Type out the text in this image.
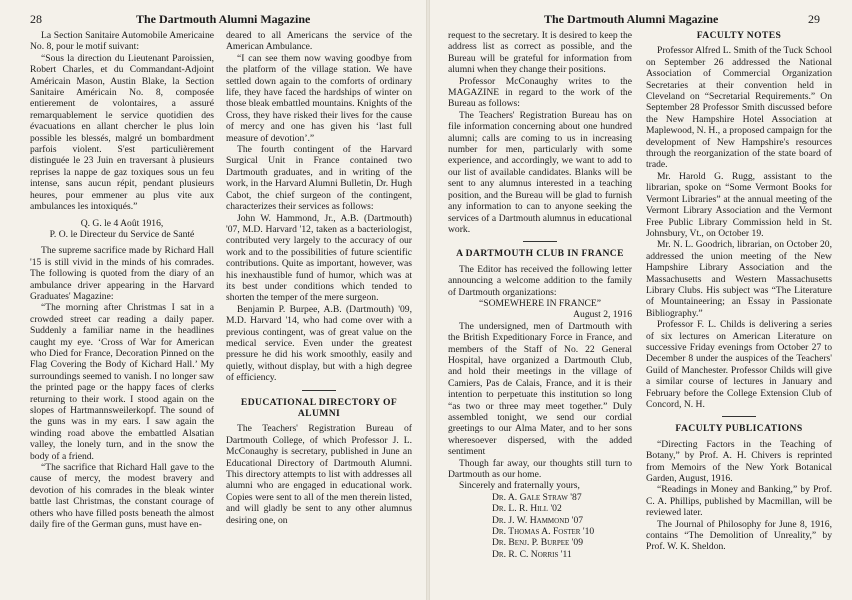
28	The Dartmouth Alumni Magazine

La Section Sanitaire Automobile Americaine No. 8, pour le motif suivant:

“Sous la direction du Lieutenant Paroissien, Robert Charles, et du Commandant-Adjoint Américain Mason, Austin Blake, la Section Sanitaire Américain No. 8, composée entierement de volontaires, a assuré remarquablement le service quotidien des évacuations en allant chercher le plus loin possible les blessés, malgré un bombardment parfois violent. S'est particulièrement distinguée le 23 Juin en traversant à plusieurs reprises la nappe de gaz toxiques sous un feu intense, sans aucun répit, pendant plusieurs heures, pour emmener au plus vite aux ambulances les intoxiqués.”

Q. G. le 4 Août 1916,

P. O. le Directeur du Service de Santé

The supreme sacrifice made by Richard Hall '15 is still vivid in the minds of his comrades. The following is quoted from the diary of an ambulance driver appearing in the Harvard Graduates' Magazine:

“The morning after Christmas I sat in a crowded street car reading a daily paper. Suddenly a familiar name in the headlines caught my eye. ‘Cross of War for American who Died for France, Decoration Pinned on the Flag Covering the Body of Kichard Hall.’ My surroundings seemed to vanish. I no longer saw the printed page or the happy faces of clerks returning to their work. I stood again on the slopes of Hartmannsweilerkopf. The sound of the guns was in my ears. I saw again the winding road above the embattled Alsatian valley, the lonely turn, and in the snow the body of a friend.

“The sacrifice that Richard Hall gave to the cause of mercy, the modest bravery and devotion of his comrades in the bleak winter battle last Christmas, the constant courage of others who have filled posts beneath the almost daily fire of the German guns, must have en-

deared to all Americans the service of the American Ambulance.

“I can see them now waving goodbye from the platform of the village station. We have settled down again to the comforts of ordinary life, they have faced the hardships of winter on those bleak embattled mountains. Knights of the Cross, they have risked their lives for the cause of mercy and one has given his ‘last full measure of devotion’.”

The fourth contingent of the Harvard Surgical Unit in France contained two Dartmouth graduates, and in writing of the work, in the Harvard Alumni Bulletin, Dr. Hugh Cabot, the chief surgeon of the contingent, characterizes their services as follows:

John W. Hammond, Jr., A.B. (Dartmouth) '07, M.D. Harvard '12, taken as a bacteriologist, contributed very largely to the accuracy of our work and to the possibilities of future scientific contributions. Quite as important, however, was his inexhaustible fund of humor, which was at its best under conditions which tended to shorten the temper of the mere surgeon.

Benjamin P. Burpee, A.B. (Dartmouth) '09, M.D. Harvard '14, who had come over with a previous contingent, was of great value on the medical service. Even under the greatest pressure he did his work smoothly, easily and quietly, without display, but with a high degree of efficiency.

EDUCATIONAL DIRECTORY OF
ALUMNI

The Teachers' Registration Bureau of Dartmouth College, of which Professor J. L. McConaughy is secretary, published in June an Educational Directory of Dartmouth Alumni. This directory attempts to list with addresses all alumni who are engaged in educational work. Copies were sent to all of the men therein listed, and will gladly be sent to any other alumnus desiring one, on

The Dartmouth Alumni Magazine	29

request to the secretary. It is desired to keep the address list as correct as possible, and the Bureau will be grateful for information from alumni when they change their positions.

Professor McConaughy writes to the MAGAZINE in regard to the work of the Bureau as follows:

The Teachers' Registration Bureau has on file information concerning about one hundred alumni; calls are coming to us in increasing number for men, particularly with some experience, and accordingly, we want to add to our list of available candidates. Blanks will be sent to any alumnus interested in a teaching position, and the Bureau will be glad to furnish any information to can to anyone seeking the services of a Dartmouth alumnus in educational work.

A DARTMOUTH CLUB IN FRANCE

The Editor has received the following letter announcing a welcome addition to the family of Dartmouth organizations:

“SOMEWHERE IN FRANCE”

August 2, 1916

The undersigned, men of Dartmouth with the British Expeditionary Force in France, and members of the Staff of No. 22 General Hospital, have organized a Dartmouth Club, and hold their meetings in the village of Camiers, Pas de Calais, France, and it is their intention to perpetuate this institution so long “as two or three may meet together.” Duly assembled tonight, we send our cordial greetings to our Alma Mater, and to her sons wheresoever dispersed, with the added sentiment

Though far away, our thoughts still turn to Dartmouth as our home.

Sincerely and fraternally yours,

Dr. A. Gale Straw '87

Dr. L. R. Hill '02

Dr. J. W. Hammond '07

Dr. Thomas A. Foster '10

Dr. Benj. P. Burpee '09

Dr. R. C. Norris '11

FACULTY NOTES

Professor Alfred L. Smith of the Tuck School on September 26 addressed the National Association of Commercial Organization Secretaries at their convention held in Cleveland on “Secretarial Requirements.” On September 28 Professor Smith discussed before the New Hampshire Hotel Association at Maplewood, N. H., a proposed campaign for the development of New Hampshire's resources through the reorganization of the state board of trade.

Mr. Harold G. Rugg, assistant to the librarian, spoke on “Some Vermont Books for Vermont Libraries” at the annual meeting of the Vermont Library Association and the Vermont Free Public Library Commission held in St. Johnsbury, Vt., on October 19.

Mr. N. L. Goodrich, librarian, on October 20, addressed the union meeting of the New Hampshire Library Association and the Massachusetts and Western Massachusetts Library Clubs. His subject was “The Literature of Mountaineering; an Essay in Passionate Bibliography.”

Professor F. L. Childs is delivering a series of six lectures on American Literature on successive Friday evenings from October 27 to December 8 under the auspices of the Teachers' Guild of Manchester. Professor Childs will give a similar course of lectures in January and February before the College Extension Club of Concord, N. H.

FACULTY PUBLICATIONS

“Directing Factors in the Teaching of Botany,” by Prof. A. H. Chivers is reprinted from Memoirs of the New York Botanical Garden, August, 1916.

“Readings in Money and Banking,” by Prof. C. A. Phillips, published by Macmillan, will be reviewed later.

The Journal of Philosophy for June 8, 1916, contains “The Demolition of Unreality,” by Prof. W. K. Sheldon.
